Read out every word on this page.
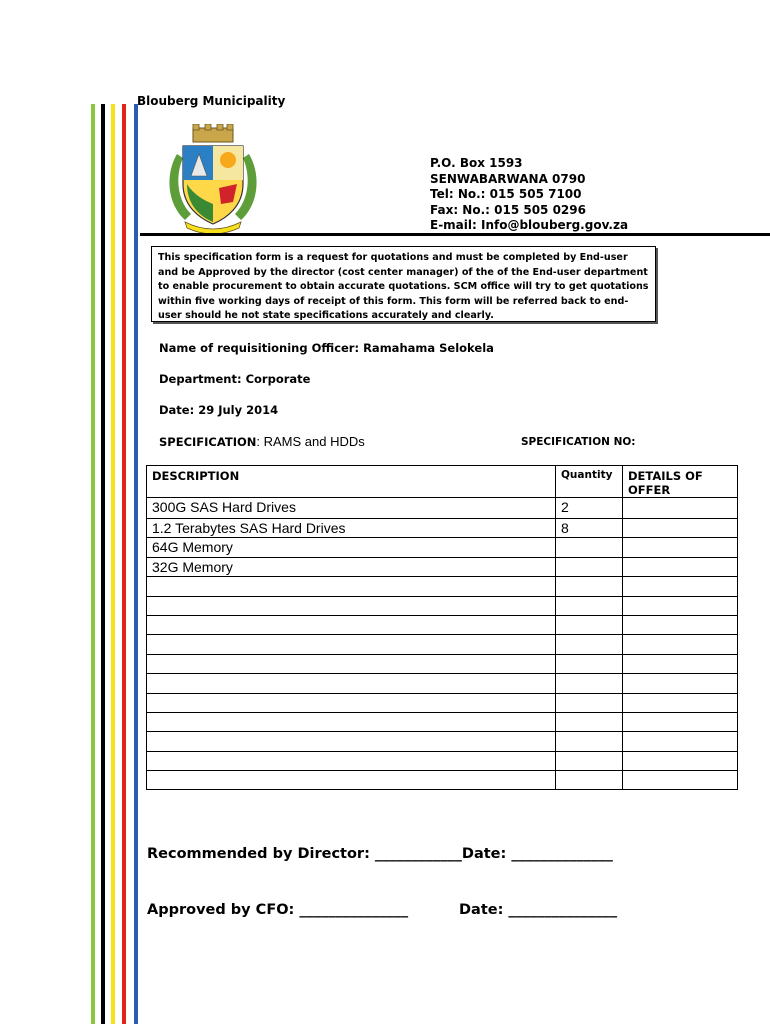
Blouberg Municipality
P.O. Box 1593
SENWABARWANA 0790
Tel: No.: 015 505 7100
Fax: No.: 015 505 0296
E-mail: Info@blouberg.gov.za
This specification form is a request for quotations and must be completed by End-user and be Approved by the director (cost center manager) of the of the End-user department to enable procurement to obtain accurate quotations. SCM office will try to get quotations within five working days of receipt of this form. This form will be referred back to end-user should he not state specifications accurately and clearly.
Name of requisitioning Officer: Ramahama Selokela
Department: Corporate
Date: 29 July 2014
SPECIFICATION: RAMS and HDDs	SPECIFICATION NO:
DESCRIPTION	Quantity	DETAILS OF OFFER
300G SAS Hard Drives	2	
1.2 Terabytes SAS Hard Drives	8	
64G Memory		
32G Memory		

Recommended by Director: ____________Date: ______________
Approved by CFO: _______________	Date: _______________
